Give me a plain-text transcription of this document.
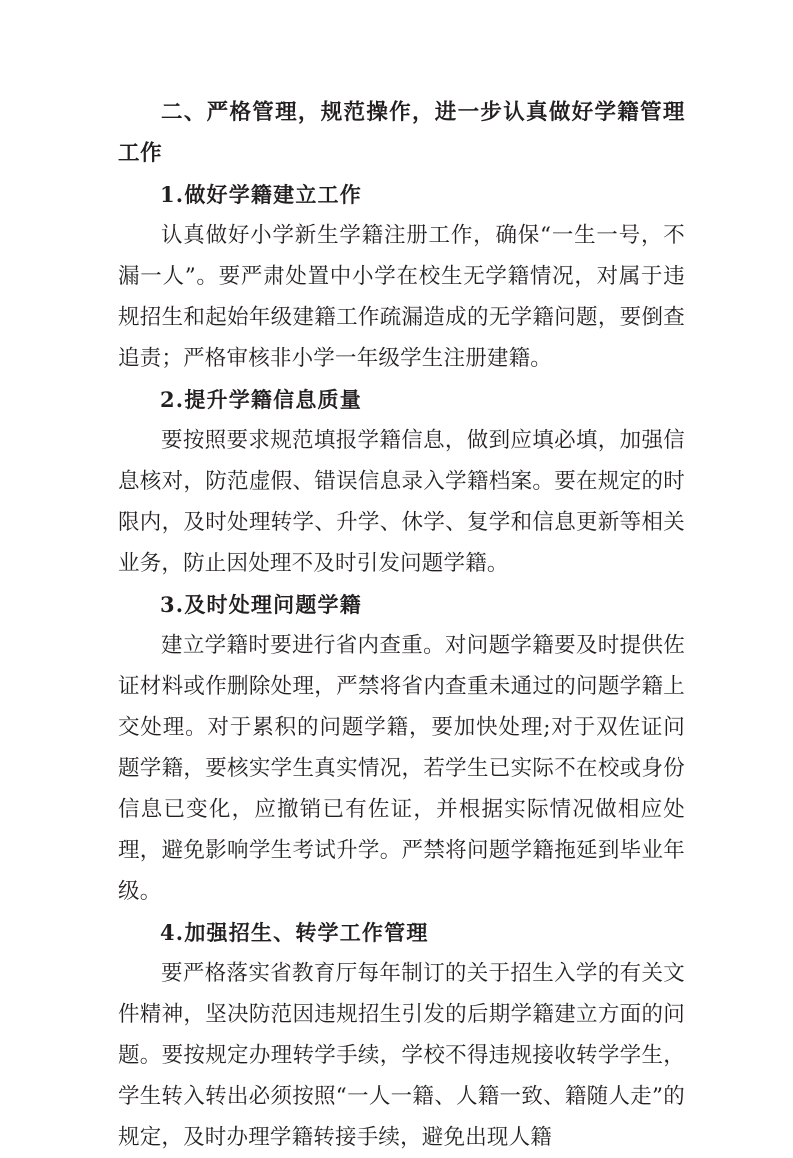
二、严格管理，规范操作，进一步认真做好学籍管理工作

1.做好学籍建立工作

认真做好小学新生学籍注册工作，确保“一生一号，不漏一人”。要严肃处置中小学在校生无学籍情况，对属于违规招生和起始年级建籍工作疏漏造成的无学籍问题，要倒查追责；严格审核非小学一年级学生注册建籍。

2.提升学籍信息质量

要按照要求规范填报学籍信息，做到应填必填，加强信息核对，防范虚假、错误信息录入学籍档案。要在规定的时限内，及时处理转学、升学、休学、复学和信息更新等相关业务，防止因处理不及时引发问题学籍。

3.及时处理问题学籍

建立学籍时要进行省内查重。对问题学籍要及时提供佐证材料或作删除处理，严禁将省内查重未通过的问题学籍上交处理。对于累积的问题学籍，要加快处理;对于双佐证问题学籍，要核实学生真实情况，若学生已实际不在校或身份信息已变化，应撤销已有佐证，并根据实际情况做相应处理，避免影响学生考试升学。严禁将问题学籍拖延到毕业年级。

4.加强招生、转学工作管理

要严格落实省教育厅每年制订的关于招生入学的有关文件精神，坚决防范因违规招生引发的后期学籍建立方面的问题。要按规定办理转学手续，学校不得违规接收转学学生，学生转入转出必须按照“一人一籍、人籍一致、籍随人走”的规定，及时办理学籍转接手续，避免出现人籍
